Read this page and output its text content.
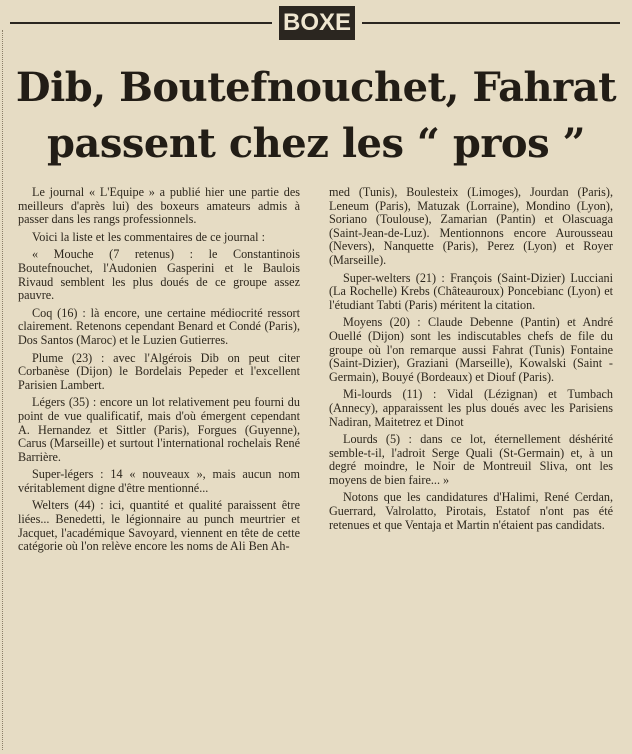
BOXE
Dib, Boutefnouchet, Fahrat
passent chez les “ pros ”

Le journal « L'Equipe » a publié hier une partie des meilleurs d'après lui) des boxeurs amateurs admis à passer dans les rangs professionnels.

Voici la liste et les commentaires de ce journal :

« Mouche (7 retenus) : le Constantinois Boutefnouchet, l'Audonien Gasperini et le Baulois Rivaud semblent les plus doués de ce groupe assez pauvre.

Coq (16) : là encore, une certaine médiocrité ressort clairement. Retenons cependant Benard et Condé (Paris), Dos Santos (Maroc) et le Luzien Gutierres.

Plume (23) : avec l'Algérois Dib on peut citer Corbanèse (Dijon) le Bordelais Pepeder et l'excellent Parisien Lambert.

Légers (35) : encore un lot relativement peu fourni du point de vue qualificatif, mais d'où émergent cependant A. Hernandez et Sittler (Paris), Forgues (Guyenne), Carus (Marseille) et surtout l'international rochelais René Barrière.

Super-légers : 14 « nouveaux », mais aucun nom véritablement digne d'être mentionné...

Welters (44) : ici, quantité et qualité paraissent être liées... Benedetti, le légionnaire au punch meurtrier et Jacquet, l'académique Savoyard, viennent en tête de cette catégorie où l'on relève encore les noms de Ali Ben Ah-

med (Tunis), Boulesteix (Limoges), Jourdan (Paris), Leneum (Paris), Matuzak (Lorraine), Mondino (Lyon), Soriano (Toulouse), Zamarian (Pantin) et Olascuaga (Saint-Jean-de-Luz). Mentionnons encore Aurousseau (Nevers), Nanquette (Paris), Perez (Lyon) et Royer (Marseille).

Super-welters (21) : François (Saint-Dizier) Lucciani (La Rochelle) Krebs (Châteauroux) Poncebianc (Lyon) et l'étudiant Tabti (Paris) méritent la citation.

Moyens (20) : Claude Debenne (Pantin) et André Ouellé (Dijon) sont les indiscutables chefs de file du groupe où l'on remarque aussi Fahrat (Tunis) Fontaine (Saint-Dizier), Graziani (Marseille), Kowalski (Saint - Germain), Bouyé (Bordeaux) et Diouf (Paris).

Mi-lourds (11) : Vidal (Lézignan) et Tumbach (Annecy), apparaissent les plus doués avec les Parisiens Nadiran, Maitetrez et Dinot

Lourds (5) : dans ce lot, éternellement déshérité semble-t-il, l'adroit Serge Quali (St-Germain) et, à un degré moindre, le Noir de Montreuil Sliva, ont les moyens de bien faire... »

Notons que les candidatures d'Halimi, René Cerdan, Guerrard, Valrolatto, Pirotais, Estatof n'ont pas été retenues et que Ventaja et Martin n'étaient pas candidats.
